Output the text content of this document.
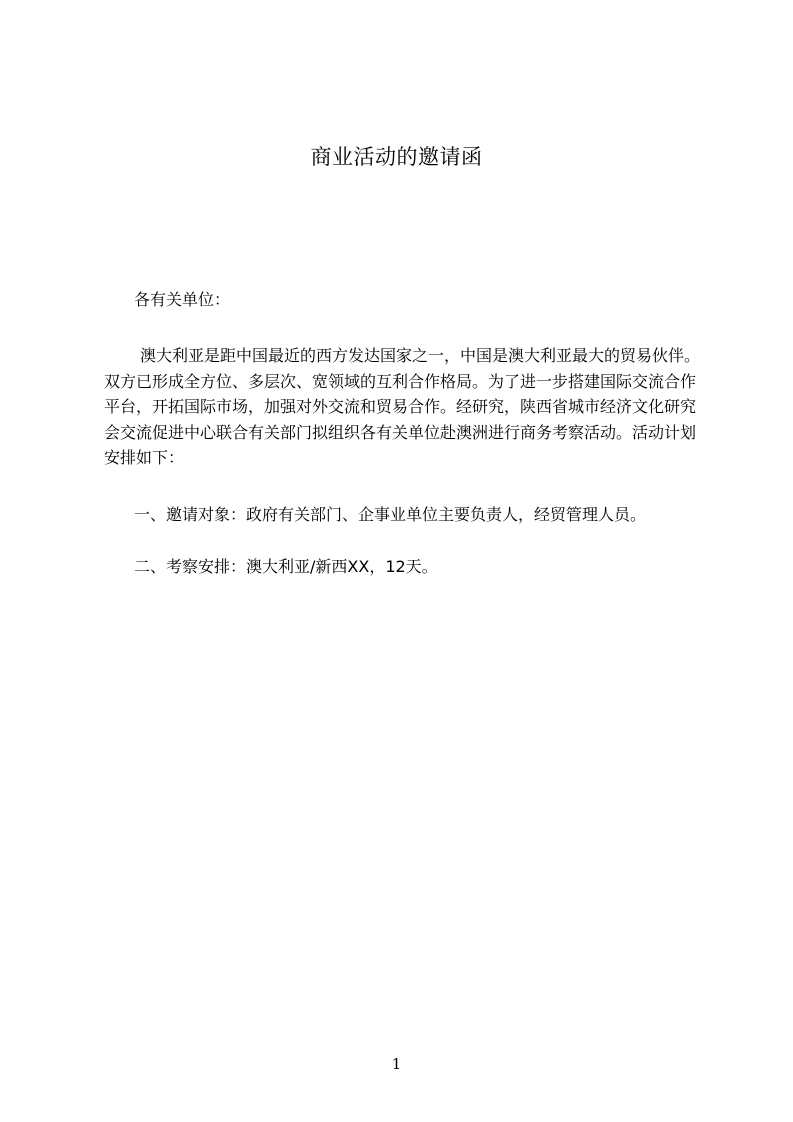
商业活动的邀请函
各有关单位：
澳大利亚是距中国最近的西方发达国家之一，中国是澳大利亚最大的贸易伙伴。
双方已形成全方位、多层次、宽领域的互利合作格局。为了进一步搭建国际交流合作
平台，开拓国际市场，加强对外交流和贸易合作。经研究，陕西省城市经济文化研究
会交流促进中心联合有关部门拟组织各有关单位赴澳洲进行商务考察活动。活动计划
安排如下：
一、邀请对象：政府有关部门、企事业单位主要负责人，经贸管理人员。
二、考察安排：澳大利亚/新西XX，12天。
1
